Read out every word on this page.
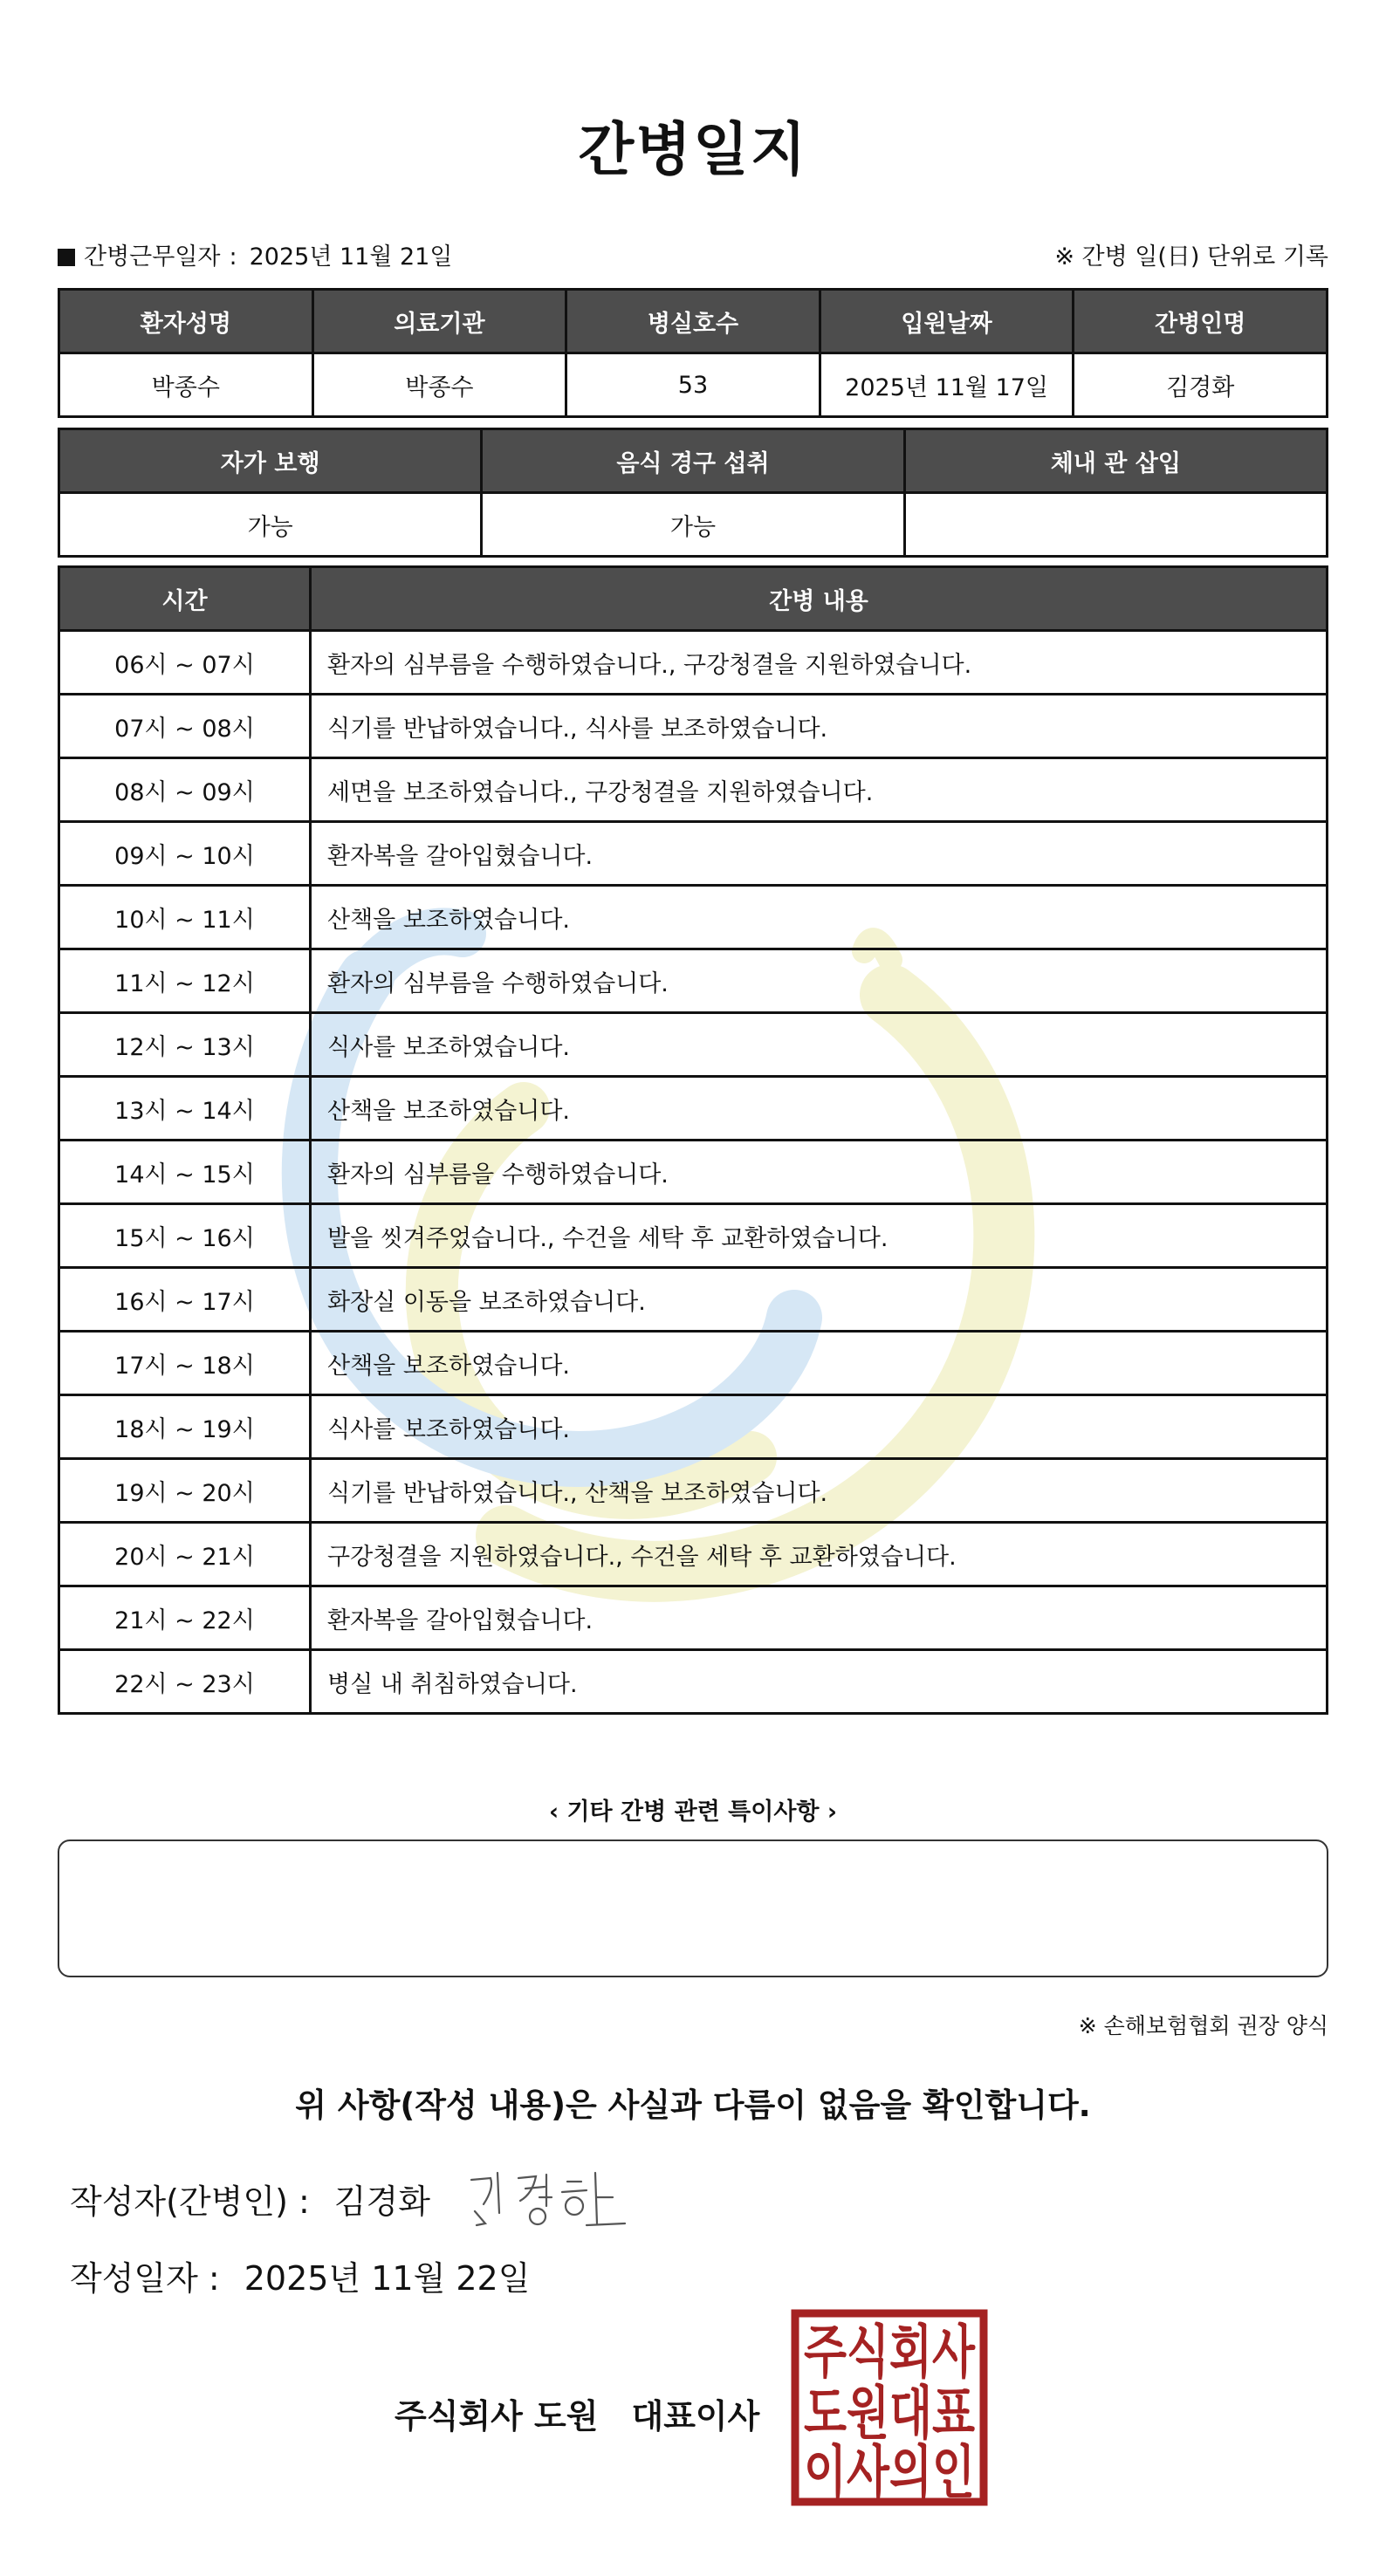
간병일지
간병근무일자 : 2025년 11월 21일	※ 간병 일(日) 단위로 기록
환자성명	의료기관	병실호수	입원날짜	간병인명
박종수	박종수	53	2025년 11월 17일	김경화
자가 보행	음식 경구 섭취	체내 관 삽입
가능	가능	
시간	간병 내용
06시 ~ 07시	환자의 심부름을 수행하였습니다., 구강청결을 지원하였습니다.
07시 ~ 08시	식기를 반납하였습니다., 식사를 보조하였습니다.
08시 ~ 09시	세면을 보조하였습니다., 구강청결을 지원하였습니다.
09시 ~ 10시	환자복을 갈아입혔습니다.
10시 ~ 11시	산책을 보조하였습니다.
11시 ~ 12시	환자의 심부름을 수행하였습니다.
12시 ~ 13시	식사를 보조하였습니다.
13시 ~ 14시	산책을 보조하였습니다.
14시 ~ 15시	환자의 심부름을 수행하였습니다.
15시 ~ 16시	발을 씻겨주었습니다., 수건을 세탁 후 교환하였습니다.
16시 ~ 17시	화장실 이동을 보조하였습니다.
17시 ~ 18시	산책을 보조하였습니다.
18시 ~ 19시	식사를 보조하였습니다.
19시 ~ 20시	식기를 반납하였습니다., 산책을 보조하였습니다.
20시 ~ 21시	구강청결을 지원하였습니다., 수건을 세탁 후 교환하였습니다.
21시 ~ 22시	환자복을 갈아입혔습니다.
22시 ~ 23시	병실 내 취침하였습니다.
‹ 기타 간병 관련 특이사항 ›
※ 손해보험협회 권장 양식
위 사항(작성 내용)은 사실과 다름이 없음을 확인합니다.
작성자(간병인) : 김경화
작성일자 : 2025년 11월 22일
주식회사 도원 대표이사
주식회사
도원대표
이사의인
